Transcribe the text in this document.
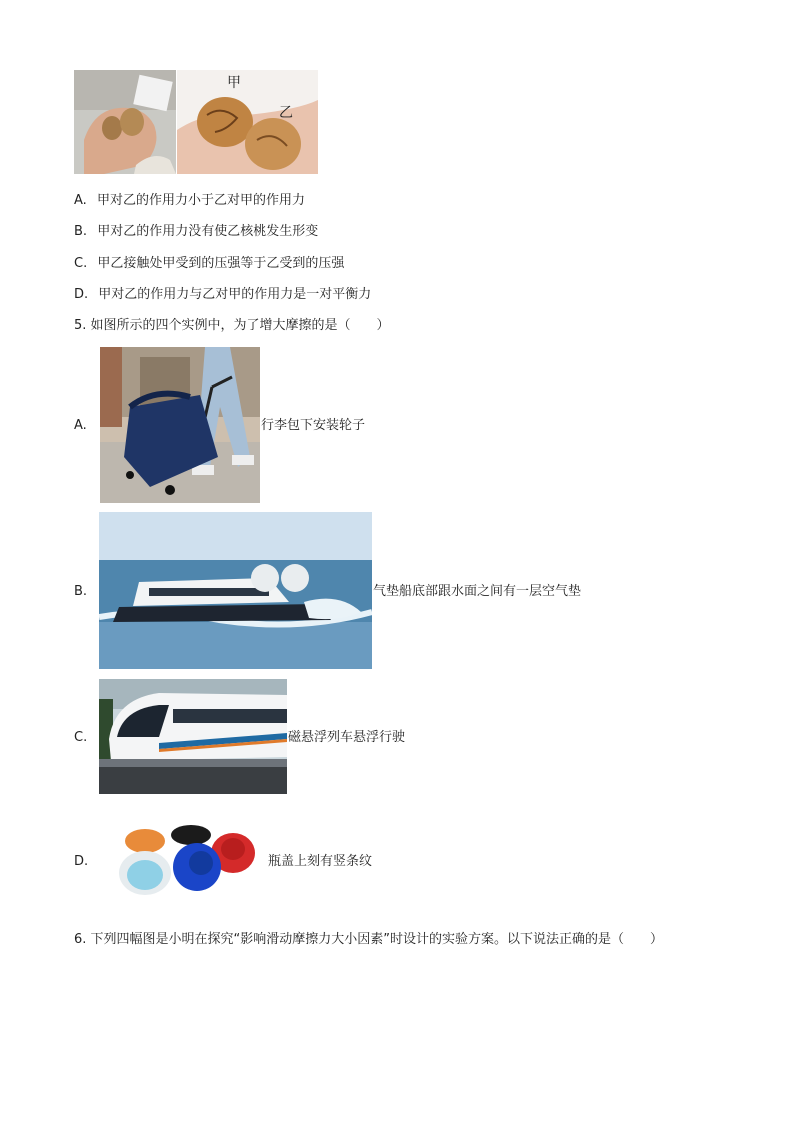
甲
乙
A. 甲对乙的作用力小于乙对甲的作用力
B. 甲对乙的作用力没有使乙核桃发生形变
C. 甲乙接触处甲受到的压强等于乙受到的压强
D. 甲对乙的作用力与乙对甲的作用力是一对平衡力
5. 如图所示的四个实例中，为了增大摩擦的是（　　）
A.	行李包下安装轮子
B.	气垫船底部跟水面之间有一层空气垫
C.	磁悬浮列车悬浮行驶
D.	瓶盖上刻有竖条纹
6. 下列四幅图是小明在探究“影响滑动摩擦力大小因素”时设计的实验方案。以下说法正确的是（　　）
